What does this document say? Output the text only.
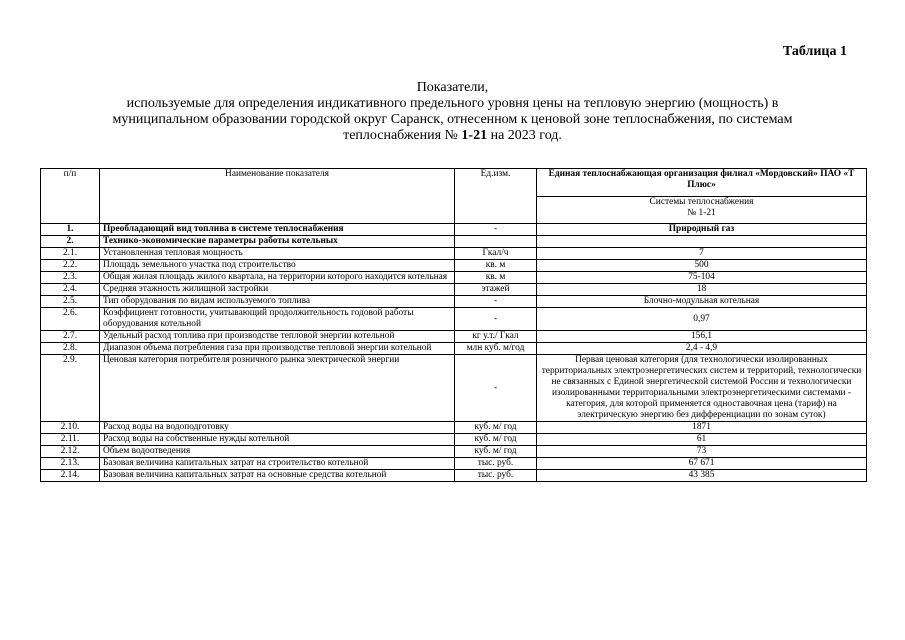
Таблица 1
Показатели,
используемые для определения индикативного предельного уровня цены на тепловую энергию (мощность) в
муниципальном образовании городской округ Саранск, отнесенном к ценовой зоне теплоснабжения, по системам
теплоснабжения № 1-21 на 2023 год.
п/п	Наименование показателя	Ед.изм.	Единая теплоснабжающая организация филиал «Мордовский» ПАО «Т Плюс»

			Системы теплоснабжения
№ 1-21

1.	Преобладающий вид топлива в системе теплоснабжения	-	Природный газ
2.	Технико-экономические параметры работы котельных		
2.1.	Установленная тепловая мощность	Гкал/ч	7
2.2.	Площадь земельного участка под строительство	кв. м	500
2.3.	Общая жилая площадь жилого квартала, на территории которого находится котельная	кв. м	75-104
2.4.	Средняя этажность жилищной застройки	этажей	18
2.5.	Тип оборудования по видам используемого топлива	-	Блочно-модульная котельная
2.6.	Коэффициент готовности, учитывающий продолжительность годовой работы оборудования котельной	-	0,97
2.7.	Удельный расход топлива при производстве тепловой энергии котельной	кг у.т./ Гкал	156,1
2.8.	Диапазон объема потребления газа при производстве тепловой энергии котельной	млн куб. м/год	2,4 - 4,9
2.9.	Ценовая категория потребителя розничного рынка электрической энергии	-	Первая ценовая категория (для технологически изолированных территориальных электроэнергетических систем и территорий, технологически не связанных с Единой энергетической системой России и технологически изолированными территориальными электроэнергетическими системами - категория, для которой применяется одноставочная цена (тариф) на электрическую энергию без дифференциации по зонам суток)
2.10.	Расход воды на водоподготовку	куб. м/ год	1871
2.11.	Расход воды на собственные нужды котельной	куб. м/ год	61
2.12.	Объем водоотведения	куб. м/ год	73
2.13.	Базовая величина капитальных затрат на строительство котельной	тыс. руб.	67 671
2.14.	Базовая величина капитальных затрат на основные средства котельной	тыс. руб.	43 385
